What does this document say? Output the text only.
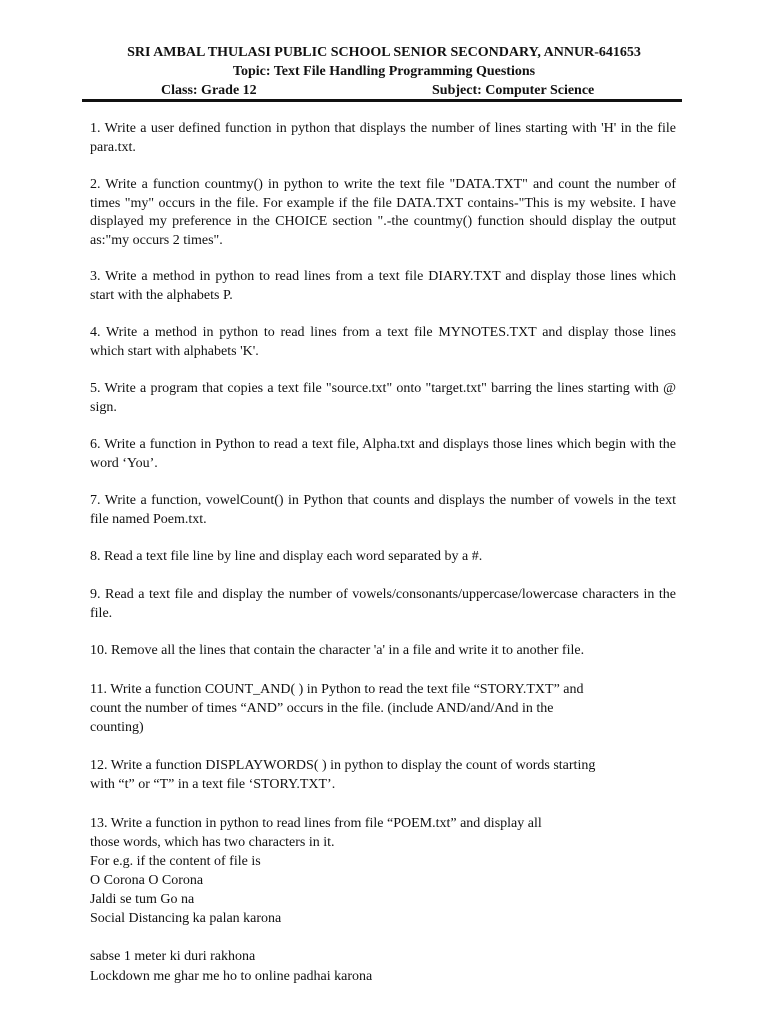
SRI AMBAL THULASI PUBLIC SCHOOL SENIOR SECONDARY, ANNUR-641653

Topic: Text File Handling Programming Questions

Class: Grade 12	Subject: Computer Science

1. Write a user defined function in python that displays the number of lines starting with 'H' in the file para.txt.

2. Write a function countmy() in python to write the text file "DATA.TXT" and count the number of times "my" occurs in the file. For example if the file DATA.TXT contains-"This is my website. I have displayed my preference in the CHOICE section ".-the countmy() function should display the output as:"my occurs 2 times".

3. Write a method in python to read lines from a text file DIARY.TXT and display those lines which start with the alphabets P.

4. Write a method in python to read lines from a text file MYNOTES.TXT and display those lines which start with alphabets 'K'.

5. Write a program that copies a text file "source.txt" onto "target.txt" barring the lines starting with @ sign.

6. Write a function in Python to read a text file, Alpha.txt and displays those lines which begin with the word ‘You’.

7. Write a function, vowelCount() in Python that counts and displays the number of vowels in the text file named Poem.txt.

8. Read a text file line by line and display each word separated by a #.

9. Read a text file and display the number of vowels/consonants/uppercase/lowercase characters in the file.

10. Remove all the lines that contain the character 'a' in a file and write it to another file.

11. Write a function COUNT_AND( ) in Python to read the text file “STORY.TXT” and

count the number of times “AND” occurs in the file. (include AND/and/And in the

counting)

12. Write a function DISPLAYWORDS( ) in python to display the count of words starting

with “t” or “T” in a text file ‘STORY.TXT’.

13. Write a function in python to read lines from file “POEM.txt” and display all

those words, which has two characters in it.

For e.g. if the content of file is

O Corona O Corona

Jaldi se tum Go na

Social Distancing ka palan karona

sabse 1 meter ki duri rakhona

Lockdown me ghar me ho to online padhai karona
